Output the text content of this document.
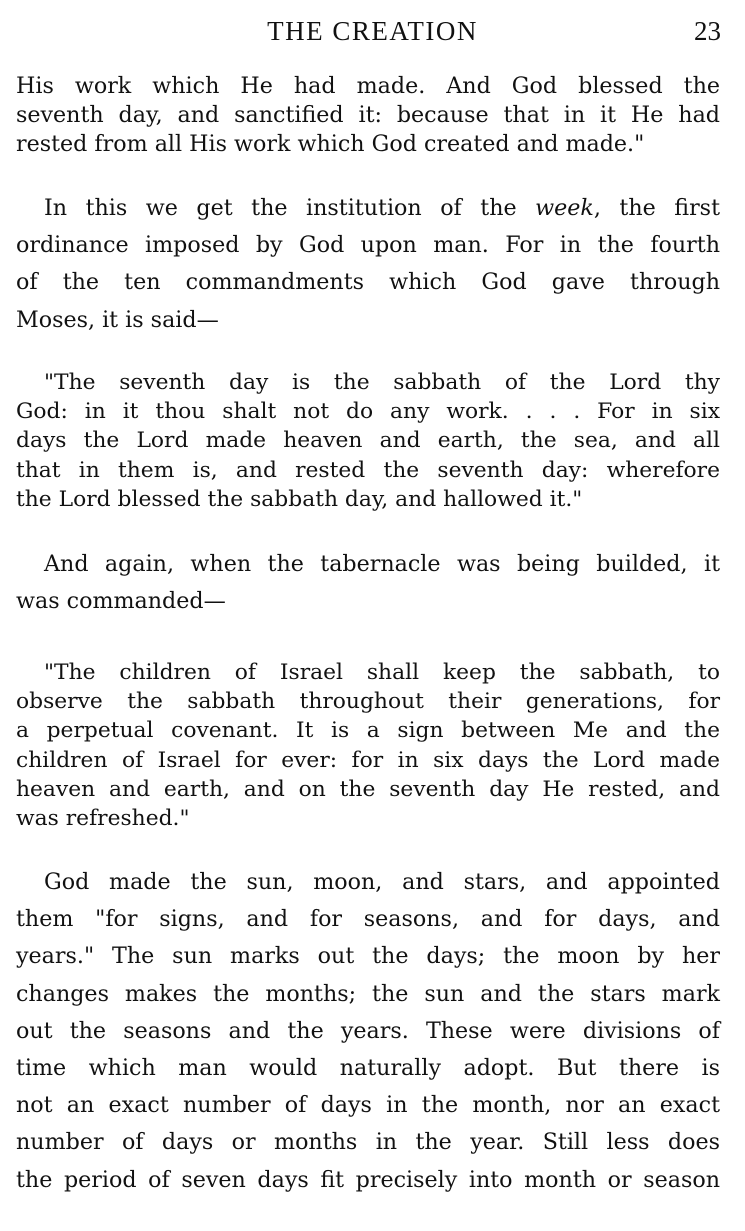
THE CREATION	23
His work which He had made. And God blessed the
seventh day, and sanctified it: because that in it He had
rested from all His work which God created and made."
In this we get the institution of the week, the first
ordinance imposed by God upon man. For in the fourth
of the ten commandments which God gave through
Moses, it is said—
"The seventh day is the sabbath of the Lord thy
God: in it thou shalt not do any work. . . . For in six
days the Lord made heaven and earth, the sea, and all
that in them is, and rested the seventh day: wherefore
the Lord blessed the sabbath day, and hallowed it."
And again, when the tabernacle was being builded, it
was commanded—
"The children of Israel shall keep the sabbath, to
observe the sabbath throughout their generations, for
a perpetual covenant. It is a sign between Me and the
children of Israel for ever: for in six days the Lord made
heaven and earth, and on the seventh day He rested, and
was refreshed."
God made the sun, moon, and stars, and appointed
them "for signs, and for seasons, and for days, and
years." The sun marks out the days; the moon by her
changes makes the months; the sun and the stars mark
out the seasons and the years. These were divisions of
time which man would naturally adopt. But there is
not an exact number of days in the month, nor an exact
number of days or months in the year. Still less does
the period of seven days fit precisely into month or season
